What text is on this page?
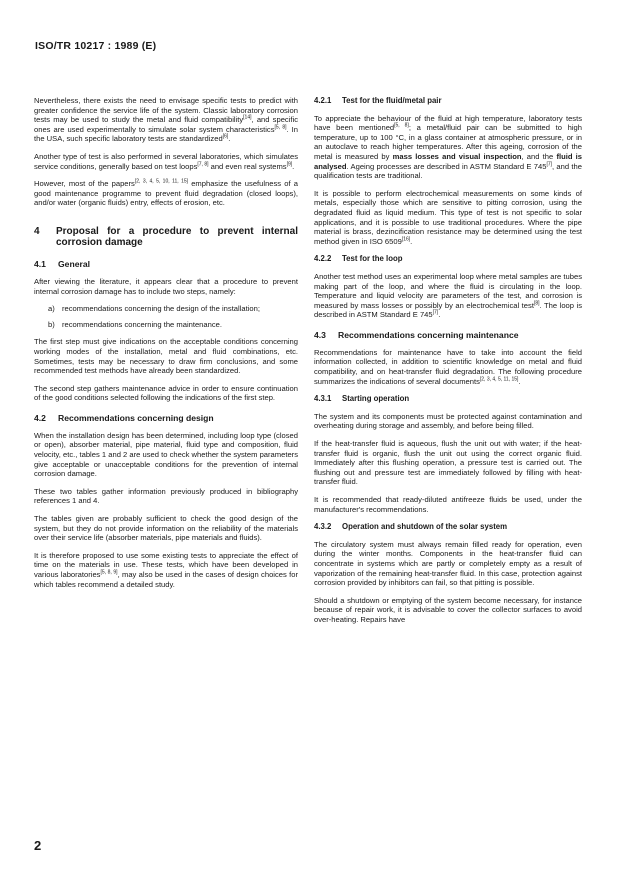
ISO/TR 10217 : 1989 (E)

Nevertheless, there exists the need to envisage specific tests to predict with greater confidence the service life of the system. Classic laboratory corrosion tests may be used to study the metal and fluid compatibility[14], and specific ones are used experimentally to simulate solar system characteristics[5, 8]. In the USA, such specific laboratory tests are standardized[6].

Another type of test is also performed in several laboratories, which simulates service conditions, generally based on test loops[7, 8] and even real systems[9].

However, most of the papers[2, 3, 4, 5, 10, 11, 15] emphasize the usefulness of a good maintenance programme to prevent fluid degradation (closed loops), and/or water (organic fluids) entry, effects of erosion, etc.

4	Proposal for a procedure to prevent internal corrosion damage
4.1	General

After viewing the literature, it appears clear that a procedure to prevent internal corrosion damage has to include two steps, namely:

a) recommendations concerning the design of the installation;
b) recommendations concerning the maintenance.

The first step must give indications on the acceptable conditions concerning working modes of the installation, metal and fluid combinations, etc. Sometimes, tests may be necessary to draw firm conclusions, and some recommended test methods have already been standardized.

The second step gathers maintenance advice in order to ensure continuation of the good conditions selected following the indications of the first step.

4.2	Recommendations concerning design

When the installation design has been determined, including loop type (closed or open), absorber material, pipe material, fluid type and composition, fluid velocity, etc., tables 1 and 2 are used to check whether the system parameters give acceptable or unacceptable conditions for the prevention of internal corrosion damage.

These two tables gather information previously produced in bibliography references 1 and 4.

The tables given are probably sufficient to check the good design of the system, but they do not provide information on the reliability of the materials over their service life (absorber materials, pipe materials and fluids).

It is therefore proposed to use some existing tests to appreciate the effect of time on the materials in use. These tests, which have been developed in various laboratories[5, 8, 9], may also be used in the cases of design choices for which tables recommend a detailed study.

4.2.1	Test for the fluid/metal pair

To appreciate the behaviour of the fluid at high temperature, laboratory tests have been mentioned[5, 8]; a metal/fluid pair can be submitted to high temperature, up to 100 °C, in a glass container at atmospheric pressure, or in an autoclave to reach higher temperatures. After this ageing, corrosion of the metal is measured by mass losses and visual inspection, and the fluid is analysed. Ageing processes are described in ASTM Standard E 745[7], and the qualification tests are traditional.

It is possible to perform electrochemical measurements on some kinds of metals, especially those which are sensitive to pitting corrosion, using the degradated fluid as liquid medium. This type of test is not specific to solar applications, and it is possible to use traditional procedures. Where the pipe material is brass, dezincification resistance may be determined using the test method given in ISO 6509[16].

4.2.2	Test for the loop

Another test method uses an experimental loop where metal samples are tubes making part of the loop, and where the fluid is circulating in the loop. Temperature and liquid velocity are parameters of the test, and corrosion is measured by mass losses or possibly by an electrochemical test[8]. The loop is described in ASTM Standard E 745[7].

4.3	Recommendations concerning maintenance

Recommendations for maintenance have to take into account the field information collected, in addition to scientific knowledge on metal and fluid compatibility, and on heat-transfer fluid degradation. The following procedure summarizes the indications of several documents[2, 3, 4, 5, 11, 15].

4.3.1	Starting operation

The system and its components must be protected against contamination and overheating during storage and assembly, and before being filled.

If the heat-transfer fluid is aqueous, flush the unit out with water; if the heat-transfer fluid is organic, flush the unit out using the correct organic fluid. Immediately after this flushing operation, a pressure test is carried out. The flushing out and pressure test are immediately followed by filling with heat-transfer fluid.

It is recommended that ready-diluted antifreeze fluids be used, under the manufacturer's recommendations.

4.3.2	Operation and shutdown of the solar system

The circulatory system must always remain filled ready for operation, even during the winter months. Components in the heat-transfer fluid can concentrate in systems which are partly or completely empty as a result of vaporization of the remaining heat-transfer fluid. In this case, protection against corrosion provided by inhibitors can fail, so that pitting is possible.

Should a shutdown or emptying of the system become necessary, for instance because of repair work, it is advisable to cover the collector surfaces to avoid over-heating. Repairs have

2
